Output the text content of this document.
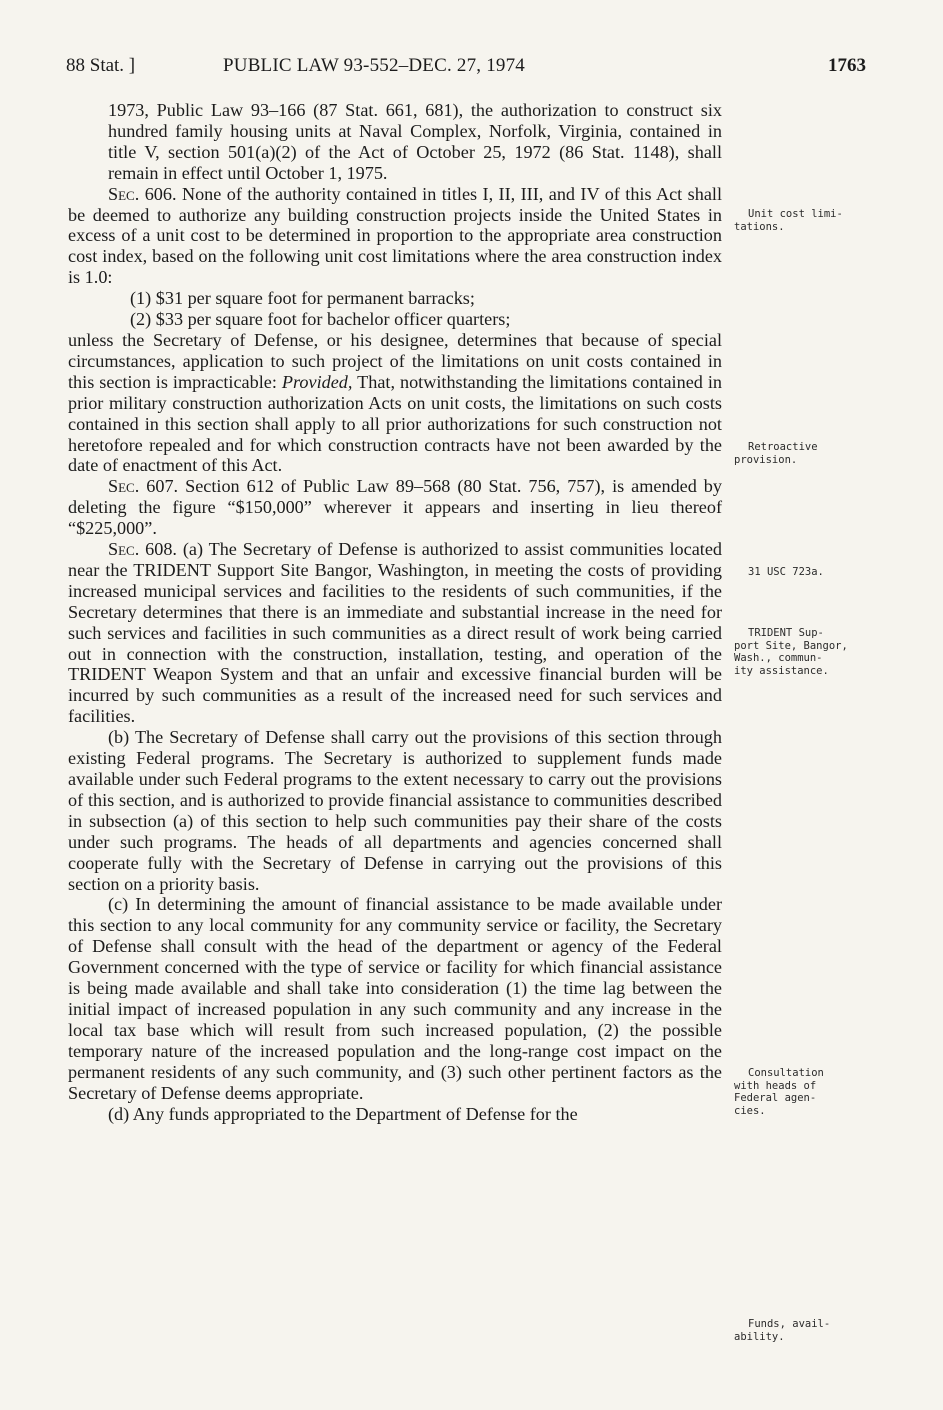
88 Stat. ]	PUBLIC LAW 93-552–DEC. 27, 1974	1763

1973, Public Law 93–166 (87 Stat. 661, 681), the authorization to construct six hundred family housing units at Naval Complex, Norfolk, Virginia, contained in title V, section 501(a)(2) of the Act of October 25, 1972 (86 Stat. 1148), shall remain in effect until October 1, 1975.

Sec. 606. None of the authority contained in titles I, II, III, and IV of this Act shall be deemed to authorize any building construction projects inside the United States in excess of a unit cost to be determined in proportion to the appropriate area construction cost index, based on the following unit cost limitations where the area construction index is 1.0:

(1) $31 per square foot for permanent barracks;

(2) $33 per square foot for bachelor officer quarters;

unless the Secretary of Defense, or his designee, determines that because of special circumstances, application to such project of the limitations on unit costs contained in this section is impracticable: Provided, That, notwithstanding the limitations contained in prior military construction authorization Acts on unit costs, the limitations on such costs contained in this section shall apply to all prior authorizations for such construction not heretofore repealed and for which construction contracts have not been awarded by the date of enactment of this Act.

Sec. 607. Section 612 of Public Law 89–568 (80 Stat. 756, 757), is amended by deleting the figure “$150,000” wherever it appears and inserting in lieu thereof “$225,000”.

Sec. 608. (a) The Secretary of Defense is authorized to assist communities located near the TRIDENT Support Site Bangor, Washington, in meeting the costs of providing increased municipal services and facilities to the residents of such communities, if the Secretary determines that there is an immediate and substantial increase in the need for such services and facilities in such communities as a direct result of work being carried out in connection with the construction, installation, testing, and operation of the TRIDENT Weapon System and that an unfair and excessive financial burden will be incurred by such communities as a result of the increased need for such services and facilities.

(b) The Secretary of Defense shall carry out the provisions of this section through existing Federal programs. The Secretary is authorized to supplement funds made available under such Federal programs to the extent necessary to carry out the provisions of this section, and is authorized to provide financial assistance to communities described in subsection (a) of this section to help such communities pay their share of the costs under such programs. The heads of all departments and agencies concerned shall cooperate fully with the Secretary of Defense in carrying out the provisions of this section on a priority basis.

(c) In determining the amount of financial assistance to be made available under this section to any local community for any community service or facility, the Secretary of Defense shall consult with the head of the department or agency of the Federal Government concerned with the type of service or facility for which financial assistance is being made available and shall take into consideration (1) the time lag between the initial impact of increased population in any such community and any increase in the local tax base which will result from such increased population, (2) the possible temporary nature of the increased population and the long-range cost impact on the permanent residents of any such community, and (3) such other pertinent factors as the Secretary of Defense deems appropriate.

(d) Any funds appropriated to the Department of Defense for the

Unit cost limi-
tations.
Retroactive
provision.
31 USC 723a.
TRIDENT Sup-
port Site, Bangor,
Wash., commun-
ity assistance.
Consultation
with heads of
Federal agen-
cies.
Funds, avail-
ability.
